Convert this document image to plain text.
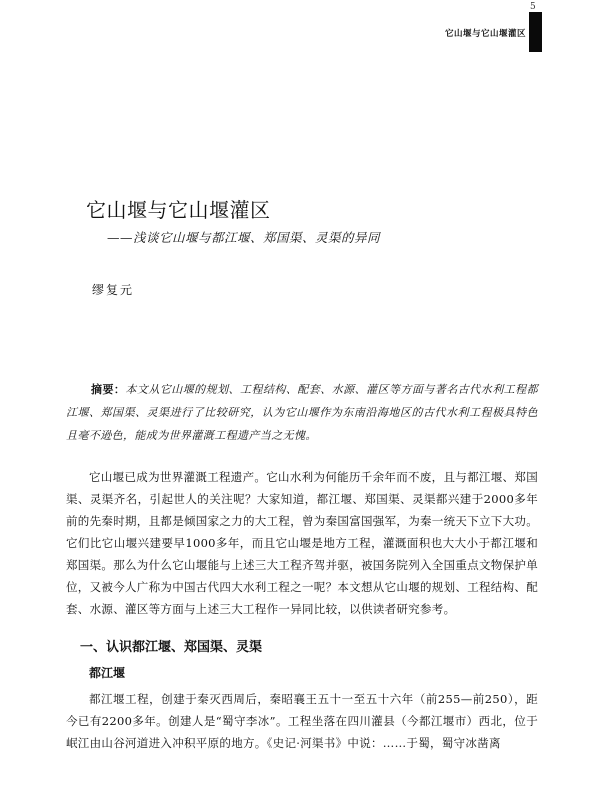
5
它山堰与它山堰灌区
它山堰与它山堰灌区
——浅谈它山堰与都江堰、郑国渠、灵渠的异同
缪复元
摘要：本文从它山堰的规划、工程结构、配套、水源、灌区等方面与著名古代水利工程都江堰、郑国渠、灵渠进行了比较研究，认为它山堰作为东南沿海地区的古代水利工程极具特色且毫不逊色，能成为世界灌溉工程遗产当之无愧。
它山堰已成为世界灌溉工程遗产。它山水利为何能历千余年而不废，且与都江堰、郑国渠、灵渠齐名，引起世人的关注呢？大家知道，都江堰、郑国渠、灵渠都兴建于2000多年前的先秦时期，且都是倾国家之力的大工程，曾为秦国富国强军，为秦一统天下立下大功。它们比它山堰兴建要早1000多年，而且它山堰是地方工程，灌溉面积也大大小于都江堰和郑国渠。那么为什么它山堰能与上述三大工程齐驾并驱，被国务院列入全国重点文物保护单位，又被今人广称为中国古代四大水利工程之一呢？本文想从它山堰的规划、工程结构、配套、水源、灌区等方面与上述三大工程作一异同比较，以供读者研究参考。
一、认识都江堰、郑国渠、灵渠
都江堰
都江堰工程，创建于秦灭西周后，秦昭襄王五十一至五十六年（前255—前250），距今已有2200多年。创建人是“蜀守李冰”。工程坐落在四川灌县（今都江堰市）西北，位于岷江由山谷河道进入冲积平原的地方。《史记·河渠书》中说：……于蜀，蜀守冰凿离
